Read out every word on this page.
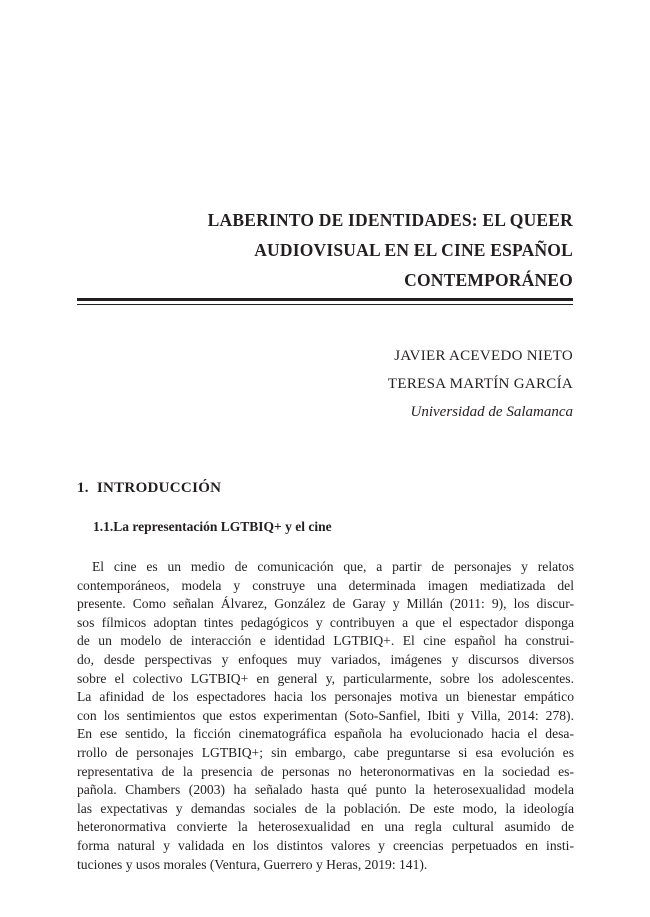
LABERINTO DE IDENTIDADES: EL QUEER
AUDIOVISUAL EN EL CINE ESPAÑOL
CONTEMPORÁNEO
JAVIER ACEVEDO NIETO
TERESA MARTÍN GARCÍA
Universidad de Salamanca
1. INTRODUCCIÓN
1.1.La representación LGTBIQ+ y el cine
El cine es un medio de comunicación que, a partir de personajes y relatos
contemporáneos, modela y construye una determinada imagen mediatizada del
presente. Como señalan Álvarez, González de Garay y Millán (2011: 9), los discur-
sos fílmicos adoptan tintes pedagógicos y contribuyen a que el espectador disponga
de un modelo de interacción e identidad LGTBIQ+. El cine español ha construi-
do, desde perspectivas y enfoques muy variados, imágenes y discursos diversos
sobre el colectivo LGTBIQ+ en general y, particularmente, sobre los adolescentes.
La afinidad de los espectadores hacia los personajes motiva un bienestar empático
con los sentimientos que estos experimentan (Soto-Sanfiel, Ibiti y Villa, 2014: 278).
En ese sentido, la ficción cinematográfica española ha evolucionado hacia el desa-
rrollo de personajes LGTBIQ+; sin embargo, cabe preguntarse si esa evolución es
representativa de la presencia de personas no heteronormativas en la sociedad es-
pañola. Chambers (2003) ha señalado hasta qué punto la heterosexualidad modela
las expectativas y demandas sociales de la población. De este modo, la ideología
heteronormativa convierte la heterosexualidad en una regla cultural asumido de
forma natural y validada en los distintos valores y creencias perpetuados en insti-
tuciones y usos morales (Ventura, Guerrero y Heras, 2019: 141).
